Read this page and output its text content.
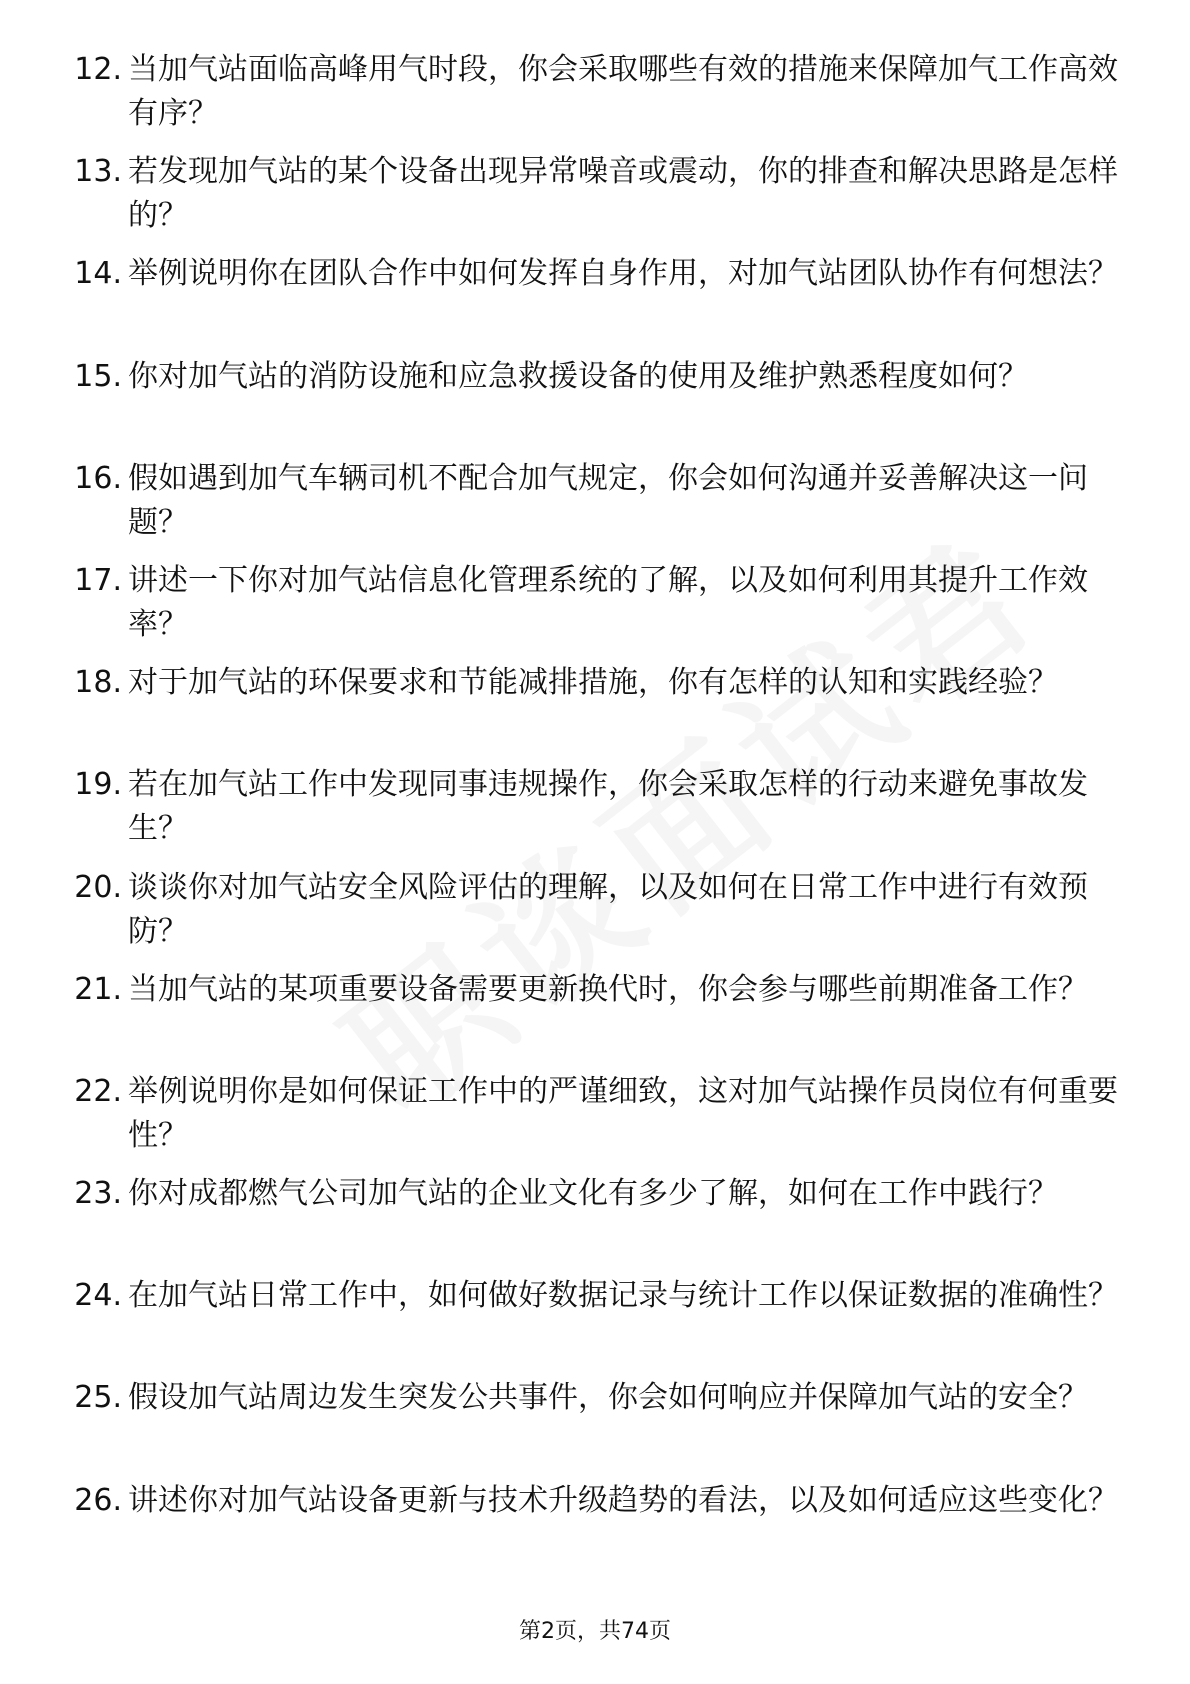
12. 当加气站面临高峰用气时段，你会采取哪些有效的措施来保障加气工作高效有序？
13. 若发现加气站的某个设备出现异常噪音或震动，你的排查和解决思路是怎样的？
14. 举例说明你在团队合作中如何发挥自身作用，对加气站团队协作有何想法？
15. 你对加气站的消防设施和应急救援设备的使用及维护熟悉程度如何？
16. 假如遇到加气车辆司机不配合加气规定，你会如何沟通并妥善解决这一问题？
17. 讲述一下你对加气站信息化管理系统的了解，以及如何利用其提升工作效率？
18. 对于加气站的环保要求和节能减排措施，你有怎样的认知和实践经验？
19. 若在加气站工作中发现同事违规操作，你会采取怎样的行动来避免事故发生？
20. 谈谈你对加气站安全风险评估的理解，以及如何在日常工作中进行有效预防？
21. 当加气站的某项重要设备需要更新换代时，你会参与哪些前期准备工作？
22. 举例说明你是如何保证工作中的严谨细致，这对加气站操作员岗位有何重要性？
23. 你对成都燃气公司加气站的企业文化有多少了解，如何在工作中践行？
24. 在加气站日常工作中，如何做好数据记录与统计工作以保证数据的准确性？
25. 假设加气站周边发生突发公共事件，你会如何响应并保障加气站的安全？
26. 讲述你对加气站设备更新与技术升级趋势的看法，以及如何适应这些变化？
第2页，共74页
